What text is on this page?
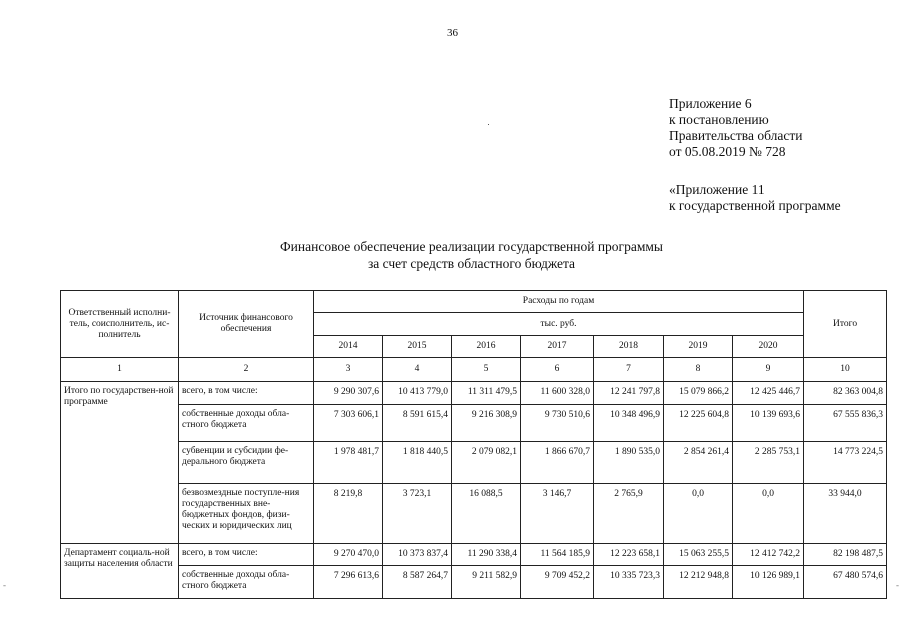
36
Приложение 6
к постановлению
Правительства области
от 05.08.2019 № 728
«Приложение 11
к государственной программе
Финансовое обеспечение реализации государственной программы
за счет средств областного бюджета
-	-
Ответственный исполни-тель, соисполнитель, ис-полнитель	Источник финансового обеспечения	Расходы по годам							Итого
		тыс. руб.							
		2014	2015	2016	2017	2018	2019	2020	
1	2	3	4	5	6	7	8	9	10
Итого по государствен-ной программе	всего, в том числе:	9 290 307,6	10 413 779,0	11 311 479,5	11 600 328,0	12 241 797,8	15 079 866,2	12 425 446,7	82 363 004,8
	собственные доходы обла-стного бюджета	7 303 606,1	8 591 615,4	9 216 308,9	9 730 510,6	10 348 496,9	12 225 604,8	10 139 693,6	67 555 836,3
	субвенции и субсидии фе-дерального бюджета	1 978 481,7	1 818 440,5	2 079 082,1	1 866 670,7	1 890 535,0	2 854 261,4	2 285 753,1	14 773 224,5
	безвозмездные поступле-ния государственных вне-бюджетных фондов, физи-ческих и юридических лиц	8 219,8	3 723,1	16 088,5	3 146,7	2 765,9	0,0	0,0	33 944,0
Департамент социаль-ной защиты населения области	всего, в том числе:	9 270 470,0	10 373 837,4	11 290 338,4	11 564 185,9	12 223 658,1	15 063 255,5	12 412 742,2	82 198 487,5
	собственные доходы обла-стного бюджета	7 296 613,6	8 587 264,7	9 211 582,9	9 709 452,2	10 335 723,3	12 212 948,8	10 126 989,1	67 480 574,6
